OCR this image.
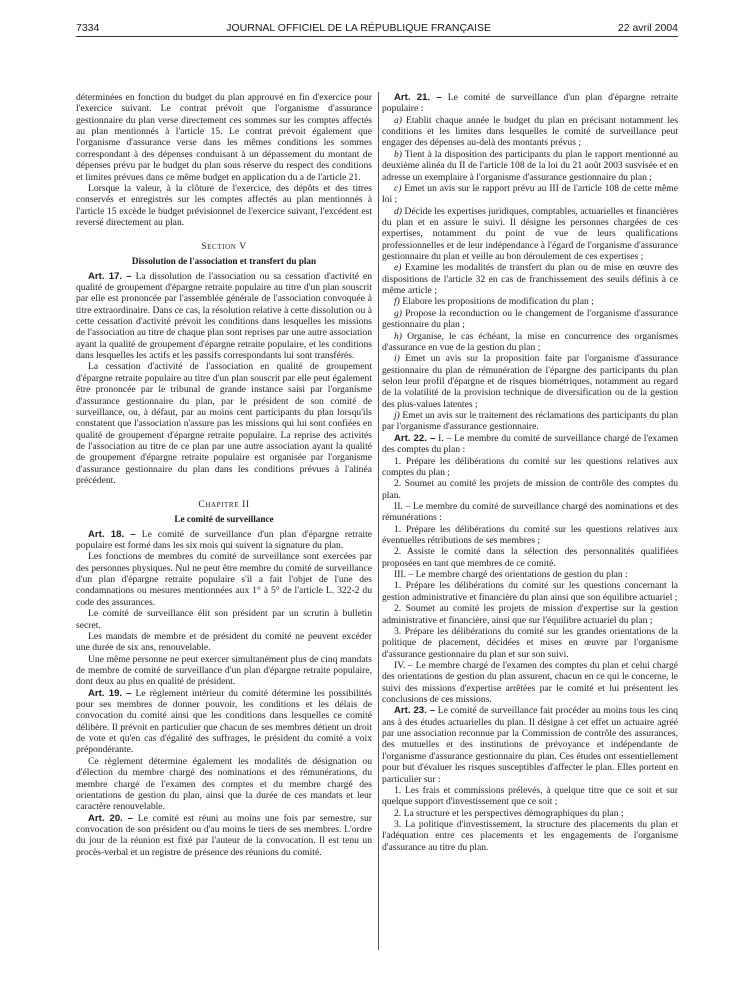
7334	JOURNAL OFFICIEL DE LA RÉPUBLIQUE FRANÇAISE	22 avril 2004

déterminées en fonction du budget du plan approuvé en fin d'exercice pour l'exercice suivant. Le contrat prévoit que l'organisme d'assurance gestionnaire du plan verse directement ces sommes sur les comptes affectés au plan mentionnés à l'article 15. Le contrat prévoit également que l'organisme d'assurance verse dans les mêmes conditions les sommes correspondant à des dépenses conduisant à un dépassement du montant de dépenses prévu par le budget du plan sous réserve du respect des conditions et limites prévues dans ce même budget en application du a de l'article 21.

Lorsque la valeur, à la clôture de l'exercice, des dépôts et des titres conservés et enregistrés sur les comptes affectés au plan mentionnés à l'article 15 excède le budget prévisionnel de l'exercice suivant, l'excédent est reversé directement au plan.

Section V
Dissolution de l'association et transfert du plan

Art. 17. – La dissolution de l'association ou sa cessation d'activité en qualité de groupement d'épargne retraite populaire au titre d'un plan souscrit par elle est prononcée par l'assemblée générale de l'association convoquée à titre extraordinaire. Dans ce cas, la résolution relative à cette dissolution ou à cette cessation d'activité prévoit les conditions dans lesquelles les missions de l'association au titre de chaque plan sont reprises par une autre association ayant la qualité de groupement d'épargne retraite populaire, et les conditions dans lesquelles les actifs et les passifs correspondants lui sont transférés.

La cessation d'activité de l'association en qualité de groupement d'épargne retraite populaire au titre d'un plan souscrit par elle peut également être prononcée par le tribunal de grande instance saisi par l'organisme d'assurance gestionnaire du plan, par le président de son comité de surveillance, ou, à défaut, par au moins cent participants du plan lorsqu'ils constatent que l'association n'assure pas les missions qui lui sont confiées en qualité de groupement d'épargne retraite populaire. La reprise des activités de l'association au titre de ce plan par une autre association ayant la qualité de groupement d'épargne retraite populaire est organisée par l'organisme d'assurance gestionnaire du plan dans les conditions prévues à l'alinéa précédent.

Chapitre II
Le comité de surveillance

Art. 18. – Le comité de surveillance d'un plan d'épargne retraite populaire est formé dans les six mois qui suivent la signature du plan.

Les fonctions de membres du comité de surveillance sont exercées par des personnes physiques. Nul ne peut être membre du comité de surveillance d'un plan d'épargne retraite populaire s'il a fait l'objet de l'une des condamnations ou mesures mentionnées aux 1° à 5° de l'article L. 322-2 du code des assurances.

Le comité de surveillance élit son président par un scrutin à bulletin secret.

Les mandats de membre et de président du comité ne peuvent excéder une durée de six ans, renouvelable.

Une même personne ne peut exercer simultanément plus de cinq mandats de membre de comité de surveillance d'un plan d'épargne retraite populaire, dont deux au plus en qualité de président.

Art. 19. – Le règlement intérieur du comité détermine les possibilités pour ses membres de donner pouvoir, les conditions et les délais de convocation du comité ainsi que les conditions dans lesquelles ce comité délibère. Il prévoit en particulier que chacun de ses membres détient un droit de vote et qu'en cas d'égalité des suffrages, le président du comité a voix prépondérante.

Ce règlement détermine également les modalités de désignation ou d'élection du membre chargé des nominations et des rémunérations, du membre chargé de l'examen des comptes et du membre chargé des orientations de gestion du plan, ainsi que la durée de ces mandats et leur caractère renouvelable.

Art. 20. – Le comité est réuni au moins une fois par semestre, sur convocation de son président ou d'au moins le tiers de ses membres. L'ordre du jour de la réunion est fixé par l'auteur de la convocation. Il est tenu un procès-verbal et un registre de présence des réunions du comité.

Art. 21. – Le comité de surveillance d'un plan d'épargne retraite populaire :

a) Etablit chaque année le budget du plan en précisant notamment les conditions et les limites dans lesquelles le comité de surveillance peut engager des dépenses au-delà des montants prévus ;

b) Tient à la disposition des participants du plan le rapport mentionné au deuxième alinéa du II de l'article 108 de la loi du 21 août 2003 susvisée et en adresse un exemplaire à l'organisme d'assurance gestionnaire du plan ;

c) Emet un avis sur le rapport prévu au III de l'article 108 de cette même loi ;

d) Décide les expertises juridiques, comptables, actuarielles et financières du plan et en assure le suivi. Il désigne les personnes chargées de ces expertises, notamment du point de vue de leurs qualifications professionnelles et de leur indépendance à l'égard de l'organisme d'assurance gestionnaire du plan et veille au bon déroulement de ces expertises ;

e) Examine les modalités de transfert du plan ou de mise en œuvre des dispositions de l'article 32 en cas de franchissement des seuils définis à ce même article ;

f) Elabore les propositions de modification du plan ;

g) Propose la reconduction ou le changement de l'organisme d'assurance gestionnaire du plan ;

h) Organise, le cas échéant, la mise en concurrence des organismes d'assurance en vue de la gestion du plan ;

i) Emet un avis sur la proposition faite par l'organisme d'assurance gestionnaire du plan de rémunération de l'épargne des participants du plan selon leur profil d'épargne et de risques biométriques, notamment au regard de la volatilité de la provision technique de diversification ou de la gestion des plus-values latentes ;

j) Emet un avis sur le traitement des réclamations des participants du plan par l'organisme d'assurance gestionnaire.

Art. 22. – I. – Le membre du comité de surveillance chargé de l'examen des comptes du plan :

1. Prépare les délibérations du comité sur les questions relatives aux comptes du plan ;

2. Soumet au comité les projets de mission de contrôle des comptes du plan.

II. – Le membre du comité de surveillance chargé des nominations et des rémunérations :

1. Prépare les délibérations du comité sur les questions relatives aux éventuelles rétributions de ses membres ;

2. Assiste le comité dans la sélection des personnalités qualifiées proposées en tant que membres de ce comité.

III. – Le membre chargé des orientations de gestion du plan :

1. Prépare les délibérations du comité sur les questions concernant la gestion administrative et financière du plan ainsi que son équilibre actuariel ;

2. Soumet au comité les projets de mission d'expertise sur la gestion administrative et financière, ainsi que sur l'équilibre actuariel du plan ;

3. Prépare les délibérations du comité sur les grandes orientations de la politique de placement, décidées et mises en œuvre par l'organisme d'assurance gestionnaire du plan et sur son suivi.

IV. – Le membre chargé de l'examen des comptes du plan et celui chargé des orientations de gestion du plan assurent, chacun en ce qui le concerne, le suivi des missions d'expertise arrêtées par le comité et lui présentent les conclusions de ces missions.

Art. 23. – Le comité de surveillance fait procéder au moins tous les cinq ans à des études actuarielles du plan. Il désigne à cet effet un actuaire agréé par une association reconnue par la Commission de contrôle des assurances, des mutuelles et des institutions de prévoyance et indépendante de l'organisme d'assurance gestionnaire du plan. Ces études ont essentiellement pour but d'évaluer les risques susceptibles d'affecter le plan. Elles portent en particulier sur :

1. Les frais et commissions prélevés, à quelque titre que ce soit et sur quelque support d'investissement que ce soit ;

2. La structure et les perspectives démographiques du plan ;

3. La politique d'investissement, la structure des placements du plan et l'adéquation entre ces placements et les engagements de l'organisme d'assurance au titre du plan.
